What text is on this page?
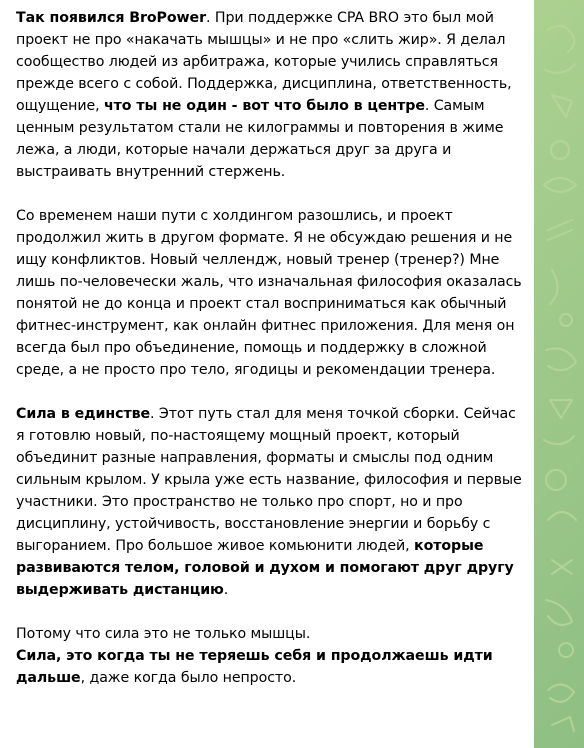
Так появился BroPower. При поддержке CPA BRO это был мой проект не про «накачать мышцы» и не про «слить жир». Я делал сообщество людей из арбитража, которые учились справляться прежде всего с собой. Поддержка, дисциплина, ответственность, ощущение, что ты не один - вот что было в центре. Самым ценным результатом стали не килограммы и повторения в жиме лежа, а люди, которые начали держаться друг за друга и выстраивать внутренний стержень.

Со временем наши пути с холдингом разошлись, и проект продолжил жить в другом формате. Я не обсуждаю решения и не ищу конфликтов. Новый челлендж, новый тренер (тренер?) Мне лишь по-человечески жаль, что изначальная философия оказалась понятой не до конца и проект стал восприниматься как обычный фитнес-инструмент, как онлайн фитнес приложения. Для меня он всегда был про объединение, помощь и поддержку в сложной среде, а не просто про тело, ягодицы и рекомендации тренера.

Сила в единстве. Этот путь стал для меня точкой сборки. Сейчас я готовлю новый, по-настоящему мощный проект, который объединит разные направления, форматы и смыслы под одним сильным крылом. У крыла уже есть название, философия и первые участники. Это пространство не только про спорт, но и про дисциплину, устойчивость, восстановление энергии и борьбу с выгоранием. Про большое живое комьюнити людей, которые развиваются телом, головой и духом и помогают друг другу выдерживать дистанцию.

Потому что сила это не только мышцы.
Сила, это когда ты не теряешь себя и продолжаешь идти дальше, даже когда было непросто.
